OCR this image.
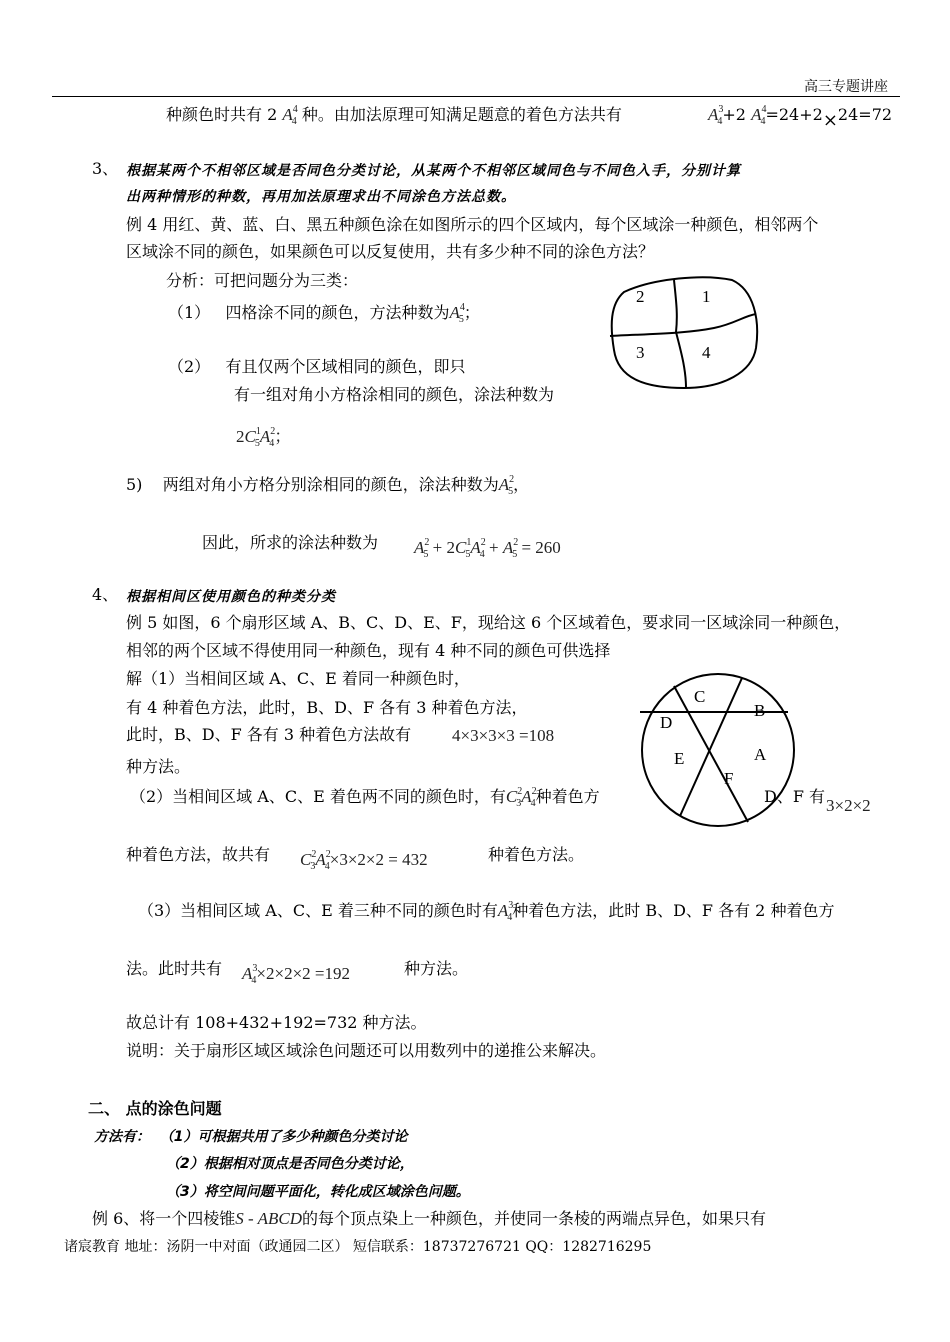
高三专题讲座
种颜色时共有 2 $A^4_4$ 种。由加法原理可知满足题意的着色方法共有	$A^3_4+2$ $A^4_4=24+2\times 24=72$
3、 根据某两个不相邻区域是否同色分类讨论，从某两个不相邻区域同色与不同色入手，分别计算
出两种情形的种数，再用加法原理求出不同涂色方法总数。
例 4 用红、黄、蓝、白、黑五种颜色涂在如图所示的四个区域内，每个区域涂一种颜色，相邻两个
区域涂不同的颜色，如果颜色可以反复使用，共有多少种不同的涂色方法？
分析：可把问题分为三类：
（1） 四格涂不同的颜色，方法种数为$A^4_5$；
（2） 有且仅两个区域相同的颜色，即只
有一组对角小方格涂相同的颜色，涂法种数为
$2C^1_5A^2_4$；
5) 两组对角小方格分别涂相同的颜色，涂法种数为$A^2_5$，
因此，所求的涂法种数为 $A^2_5 + 2C^1_5A^2_4 + A^2_5 = 260$
2	1
3	4
4、 根据相间区使用颜色的种类分类
例 5 如图，6 个扇形区域 A、B、C、D、E、F，现给这 6 个区域着色，要求同一区域涂同一种颜色，
相邻的两个区域不得使用同一种颜色，现有 4 种不同的颜色可供选择
解（1）当相间区域 A、C、E 着同一种颜色时，
有 4 种着色方法，此时，B、D、F 各有 3 种着色方法，
此时，B、D、F 各有 3 种着色方法故有 4×3×3×3 =108
种方法。
（2）当相间区域 A、C、E 着色两不同的颜色时，有$C^2_3A^2_4$种着色方	D、F 有 3×2×2
种着色方法，故共有 $C^2_3A^2_4\times 3\times 2\times 2 = 432$	种着色方法。
（3）当相间区域 A、C、E 着三种不同的颜色时有$A^3_4$种着色方法，此时 B、D、F 各有 2 种着色方
法。此时共有 $A^3_4\times 2\times 2\times 2 =192$	种方法。
故总计有 108+432+192=732 种方法。
说明：关于扇形区域区域涂色问题还可以用数列中的递推公来解决。
C
B
D
A
E
F
二、 点的涂色问题
方法有： （1）可根据共用了多少种颜色分类讨论
（2）根据相对顶点是否同色分类讨论，
（3）将空间问题平面化，转化成区域涂色问题。
例 6、将一个四棱锥S - ABCD的每个顶点染上一种颜色，并使同一条棱的两端点异色，如果只有
诸宸教育 地址：汤阴一中对面（政通园二区） 短信联系：18737276721 QQ：1282716295
